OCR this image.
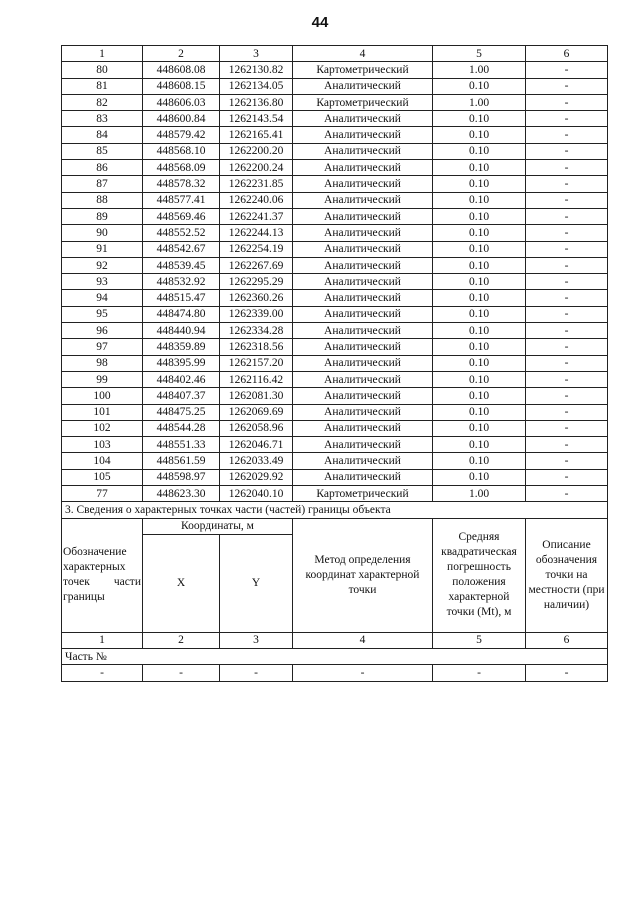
44
1	2	3	4	5	6
80	448608.08	1262130.82	Картометрический	1.00	-
81	448608.15	1262134.05	Аналитический	0.10	-
82	448606.03	1262136.80	Картометрический	1.00	-
83	448600.84	1262143.54	Аналитический	0.10	-
84	448579.42	1262165.41	Аналитический	0.10	-
85	448568.10	1262200.20	Аналитический	0.10	-
86	448568.09	1262200.24	Аналитический	0.10	-
87	448578.32	1262231.85	Аналитический	0.10	-
88	448577.41	1262240.06	Аналитический	0.10	-
89	448569.46	1262241.37	Аналитический	0.10	-
90	448552.52	1262244.13	Аналитический	0.10	-
91	448542.67	1262254.19	Аналитический	0.10	-
92	448539.45	1262267.69	Аналитический	0.10	-
93	448532.92	1262295.29	Аналитический	0.10	-
94	448515.47	1262360.26	Аналитический	0.10	-
95	448474.80	1262339.00	Аналитический	0.10	-
96	448440.94	1262334.28	Аналитический	0.10	-
97	448359.89	1262318.56	Аналитический	0.10	-
98	448395.99	1262157.20	Аналитический	0.10	-
99	448402.46	1262116.42	Аналитический	0.10	-
100	448407.37	1262081.30	Аналитический	0.10	-
101	448475.25	1262069.69	Аналитический	0.10	-
102	448544.28	1262058.96	Аналитический	0.10	-
103	448551.33	1262046.71	Аналитический	0.10	-
104	448561.59	1262033.49	Аналитический	0.10	-
105	448598.97	1262029.92	Аналитический	0.10	-
77	448623.30	1262040.10	Картометрический	1.00	-
3. Сведения о характерных точках части (частей) границы объекта					
Обозначение характерных точек части границы	Координаты, м		Метод определения координат характерной точки	Средняя квадратическая погрешность положения характерной точки (Mt), м	Описание обозначения точки на местности (при наличии)
	X	Y			
1	2	3	4	5	6
Часть №					
-	-	-	-	-	-
